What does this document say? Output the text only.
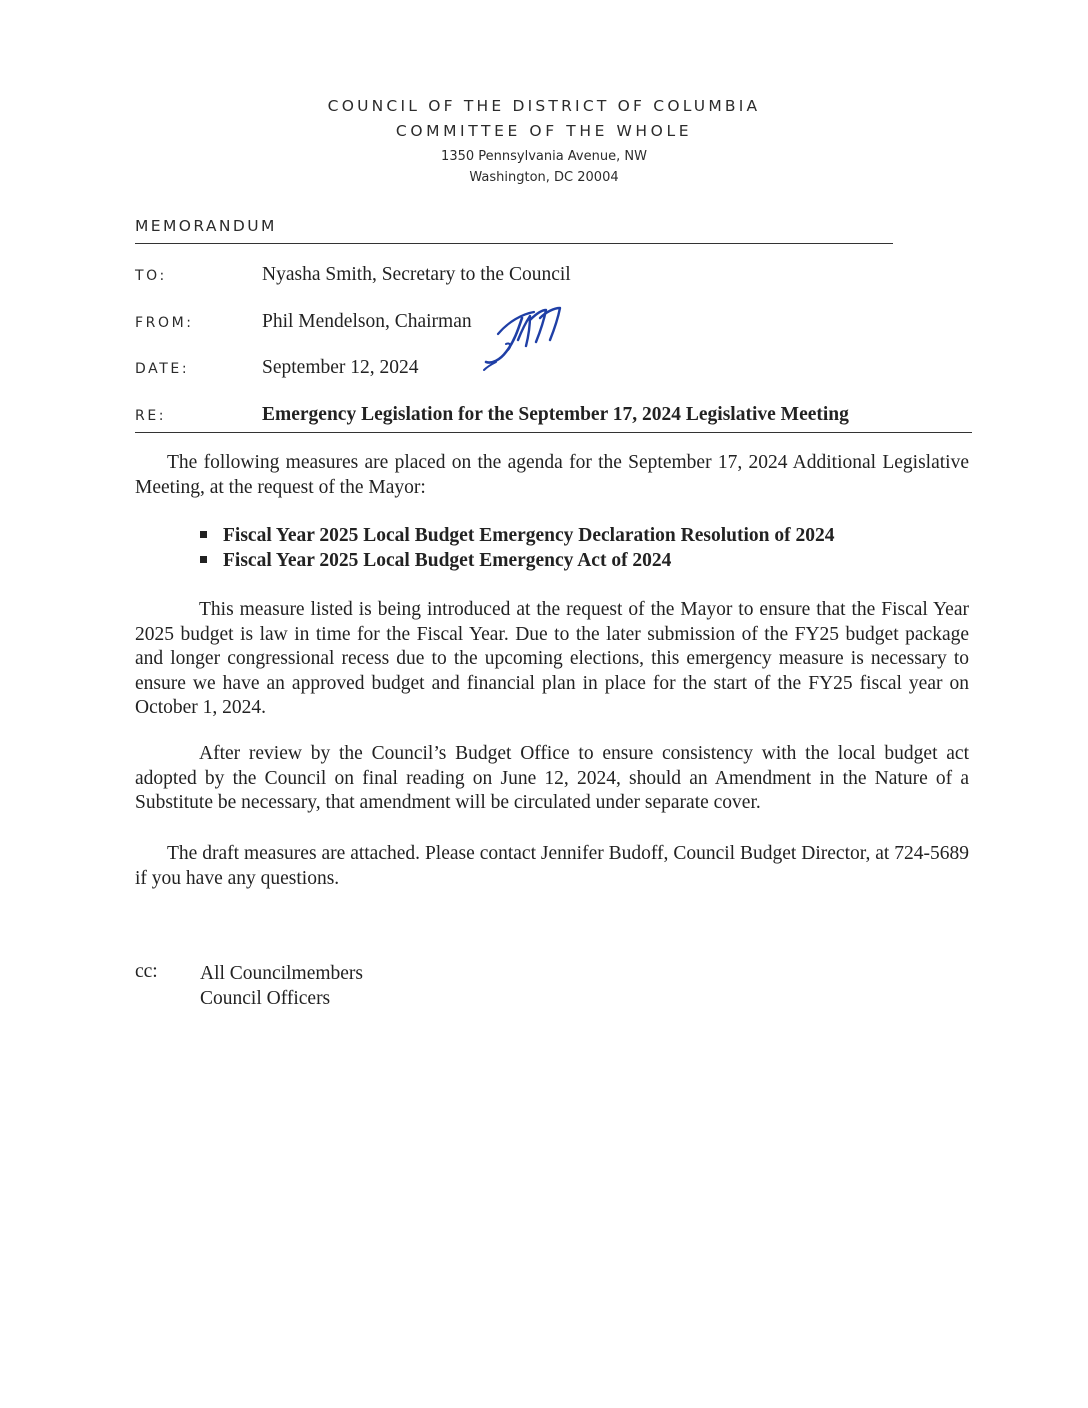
COUNCIL OF THE DISTRICT OF COLUMBIA
COMMITTEE OF THE WHOLE
1350 Pennsylvania Avenue, NW
Washington, DC 20004
MEMORANDUM
TO:	Nyasha Smith, Secretary to the Council
FROM:	Phil Mendelson, Chairman
DATE:	September 12, 2024
RE:	Emergency Legislation for the September 17, 2024 Legislative Meeting

The following measures are placed on the agenda for the September 17, 2024 Additional Legislative Meeting, at the request of the Mayor:

Fiscal Year 2025 Local Budget Emergency Declaration Resolution of 2024
Fiscal Year 2025 Local Budget Emergency Act of 2024

This measure listed is being introduced at the request of the Mayor to ensure that the Fiscal Year 2025 budget is law in time for the Fiscal Year. Due to the later submission of the FY25 budget package and longer congressional recess due to the upcoming elections, this emergency measure is necessary to ensure we have an approved budget and financial plan in place for the start of the FY25 fiscal year on October 1, 2024.

After review by the Council’s Budget Office to ensure consistency with the local budget act adopted by the Council on final reading on June 12, 2024, should an Amendment in the Nature of a Substitute be necessary, that amendment will be circulated under separate cover.

The draft measures are attached. Please contact Jennifer Budoff, Council Budget Director, at 724-5689 if you have any questions.

cc: All Councilmembers
Council Officers
